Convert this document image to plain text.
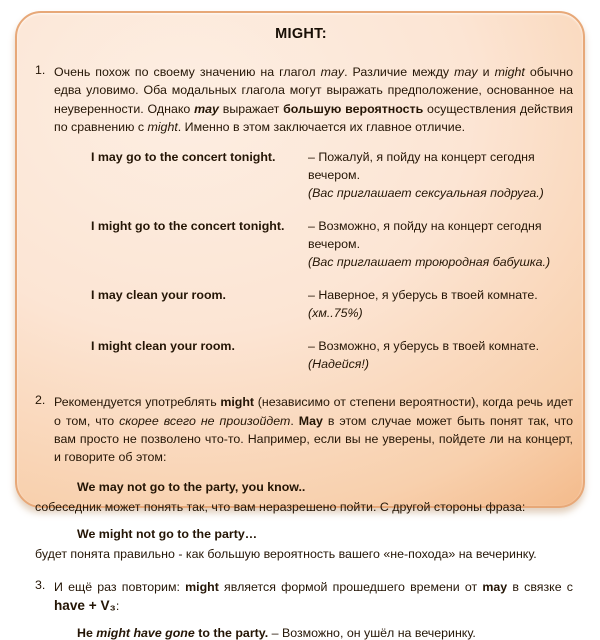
MIGHT:
1. Очень похож по своему значению на глагол may. Различие между may и might обычно едва уловимо. Оба модальных глагола могут выражать предположение, основанное на неуверенности. Однако may выражает большую вероятность осуществления действия по сравнению с might. Именно в этом заключается их главное отличие.
I may go to the concert tonight.	– Пожалуй, я пойду на концерт сегодня вечером.
(Вас приглашает сексуальная подруга.)
I might go to the concert tonight.	– Возможно, я пойду на концерт сегодня вечером.
(Вас приглашает троюродная бабушка.)
I may clean your room.	– Наверное, я уберусь в твоей комнате. (хм..75%)
I might clean your room.	– Возможно, я уберусь в твоей комнате. (Надейся!)
2. Рекомендуется употреблять might (независимо от степени вероятности), когда речь идет о том, что скорее всего не произойдет. May в этом случае может быть понят так, что вам просто не позволено что-то. Например, если вы не уверены, пойдете ли на концерт, и говорите об этом:
We may not go to the party, you know..
собеседник может понять так, что вам неразрешено пойти. С другой стороны фраза:
We might not go to the party…
будет понята правильно - как большую вероятность вашего «не-похода» на вечеринку.
3. И ещё раз повторим: might является формой прошедшего времени от may в связке с have + V₃:
He might have gone to the party. – Возможно, он ушёл на вечеринку.
